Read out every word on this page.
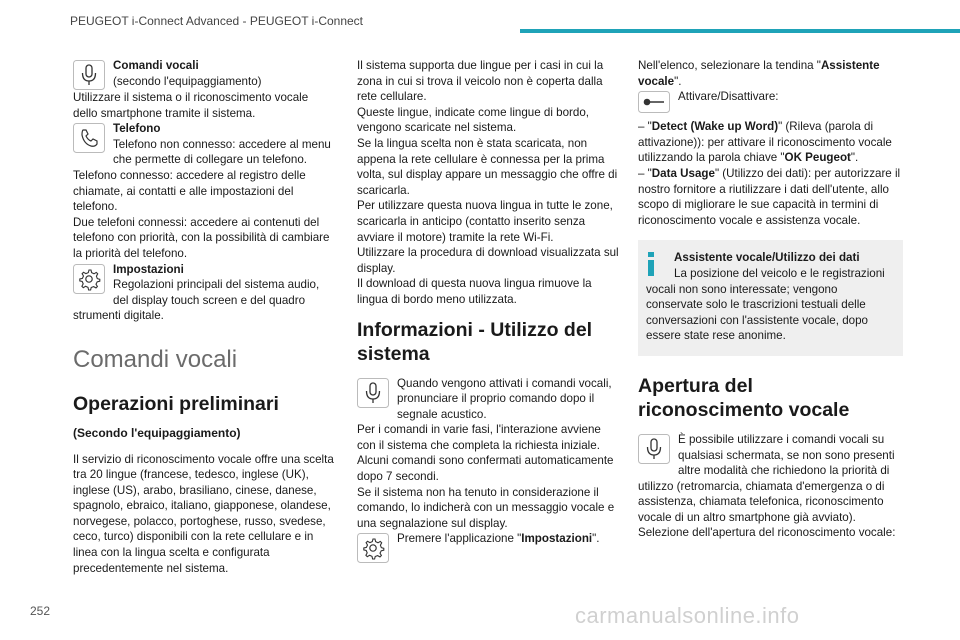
PEUGEOT i-Connect Advanced - PEUGEOT i-Connect
Comandi vocali
(secondo l'equipaggiamento)

Utilizzare il sistema o il riconoscimento vocale dello smartphone tramite il sistema.

Telefono
Telefono non connesso: accedere al menu che permette di collegare un telefono.

Telefono connesso: accedere al registro delle chiamate, ai contatti e alle impostazioni del telefono.

Due telefoni connessi: accedere ai contenuti del telefono con priorità, con la possibilità di cambiare la priorità del telefono.

Impostazioni
Regolazioni principali del sistema audio, del display touch screen e del quadro strumenti digitale.
Comandi vocali
Operazioni preliminari
(Secondo l'equipaggiamento)

Il servizio di riconoscimento vocale offre una scelta tra 20 lingue (francese, tedesco, inglese (UK), inglese (US), arabo, brasiliano, cinese, danese, spagnolo, ebraico, italiano, giapponese, olandese, norvegese, polacco, portoghese, russo, svedese, ceco, turco) disponibili con la rete cellulare e in linea con la lingua scelta e configurata precedentemente nel sistema.

Il sistema supporta due lingue per i casi in cui la zona in cui si trova il veicolo non è coperta dalla rete cellulare.

Queste lingue, indicate come lingue di bordo, vengono scaricate nel sistema.

Se la lingua scelta non è stata scaricata, non appena la rete cellulare è connessa per la prima volta, sul display appare un messaggio che offre di scaricarla.

Per utilizzare questa nuova lingua in tutte le zone, scaricarla in anticipo (contatto inserito senza avviare il motore) tramite la rete Wi-Fi.

Utilizzare la procedura di download visualizzata sul display.

Il download di questa nuova lingua rimuove la lingua di bordo meno utilizzata.

Informazioni - Utilizzo del sistema
Quando vengono attivati i comandi vocali, pronunciare il proprio comando dopo il segnale acustico.

Per i comandi in varie fasi, l'interazione avviene con il sistema che completa la richiesta iniziale.

Alcuni comandi sono confermati automaticamente dopo 7 secondi.

Se il sistema non ha tenuto in considerazione il comando, lo indicherà con un messaggio vocale e una segnalazione sul display.

Premere l'applicazione "Impostazioni".

Nell'elenco, selezionare la tendina "Assistente vocale".

Attivare/Disattivare:

– "Detect (Wake up Word)" (Rileva (parola di attivazione)): per attivare il riconoscimento vocale utilizzando la parola chiave "OK Peugeot".

– "Data Usage" (Utilizzo dei dati): per autorizzare il nostro fornitore a riutilizzare i dati dell'utente, allo scopo di migliorare le sue capacità in termini di riconoscimento vocale e assistenza vocale.

Assistente vocale/Utilizzo dei dati
La posizione del veicolo e le registrazioni vocali non sono interessate; vengono conservate solo le trascrizioni testuali delle conversazioni con l'assistente vocale, dopo essere state rese anonime.
Apertura del riconoscimento vocale
È possibile utilizzare i comandi vocali su qualsiasi schermata, se non sono presenti altre modalità che richiedono la priorità di utilizzo (retromarcia, chiamata d'emergenza o di assistenza, chiamata telefonica, riconoscimento vocale di un altro smartphone già avviato).

Selezione dell'apertura del riconoscimento vocale:

252	carmanualsonline.info
